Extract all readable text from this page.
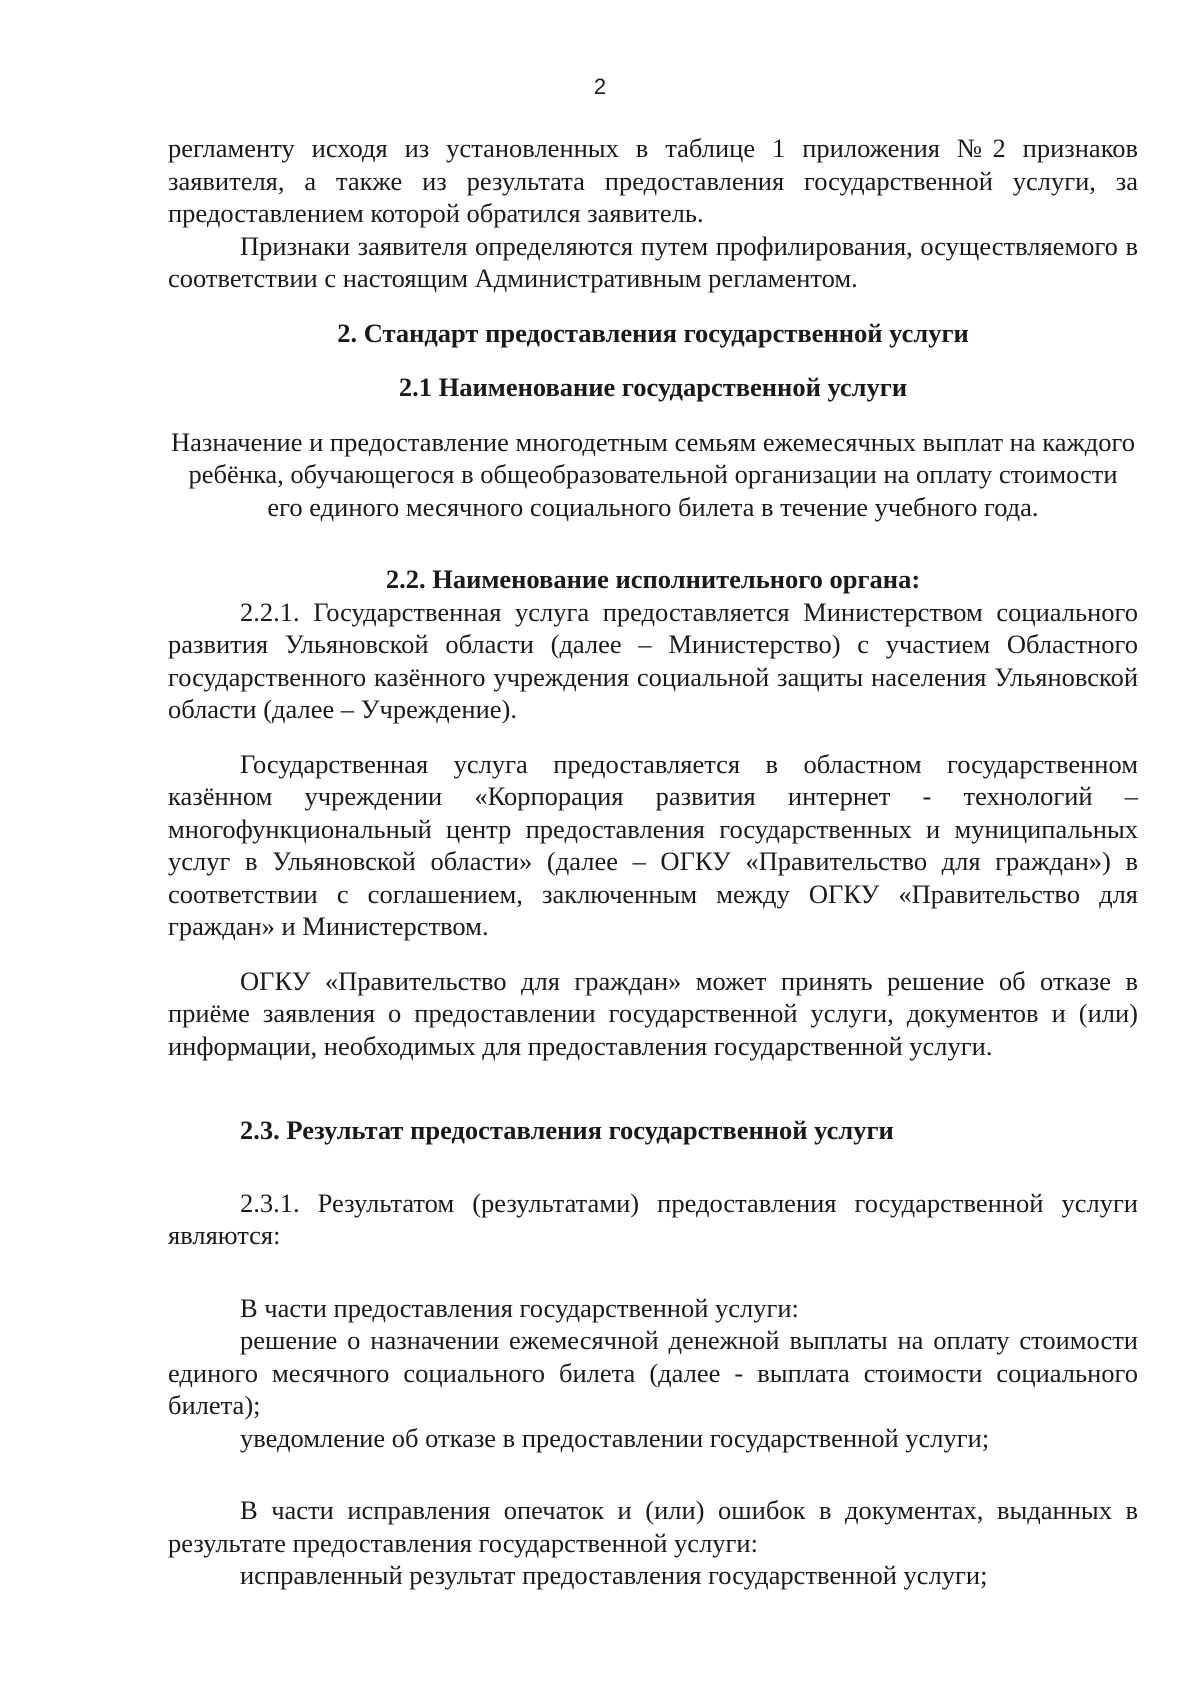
2

регламенту исходя из установленных в таблице 1 приложения №2 признаков заявителя, а также из результата предоставления государственной услуги, за предоставлением которой обратился заявитель.

Признаки заявителя определяются путем профилирования, осуществляемого в соответствии с настоящим Административным регламентом.

2. Стандарт предоставления государственной услуги
2.1 Наименование государственной услуги

Назначение и предоставление многодетным семьям ежемесячных выплат на каждого ребёнка, обучающегося в общеобразовательной организации на оплату стоимости его единого месячного социального билета в течение учебного года.

2.2. Наименование исполнительного органа:

2.2.1. Государственная услуга предоставляется Министерством социального развития Ульяновской области (далее – Министерство) с участием Областного государственного казённого учреждения социальной защиты населения Ульяновской области (далее – Учреждение).

Государственная услуга предоставляется в областном государственном казённом учреждении «Корпорация развития интернет - технологий – многофункциональный центр предоставления государственных и муниципальных услуг в Ульяновской области» (далее – ОГКУ «Правительство для граждан») в соответствии с соглашением, заключенным между ОГКУ «Правительство для граждан» и Министерством.

ОГКУ «Правительство для граждан» может принять решение об отказе в приёме заявления о предоставлении государственной услуги, документов и (или) информации, необходимых для предоставления государственной услуги.

2.3. Результат предоставления государственной услуги

2.3.1. Результатом (результатами) предоставления государственной услуги являются:

В части предоставления государственной услуги:

решение о назначении ежемесячной денежной выплаты на оплату стоимости единого месячного социального билета (далее - выплата стоимости социального билета);

уведомление об отказе в предоставлении государственной услуги;

В части исправления опечаток и (или) ошибок в документах, выданных в результате предоставления государственной услуги:

исправленный результат предоставления государственной услуги;
